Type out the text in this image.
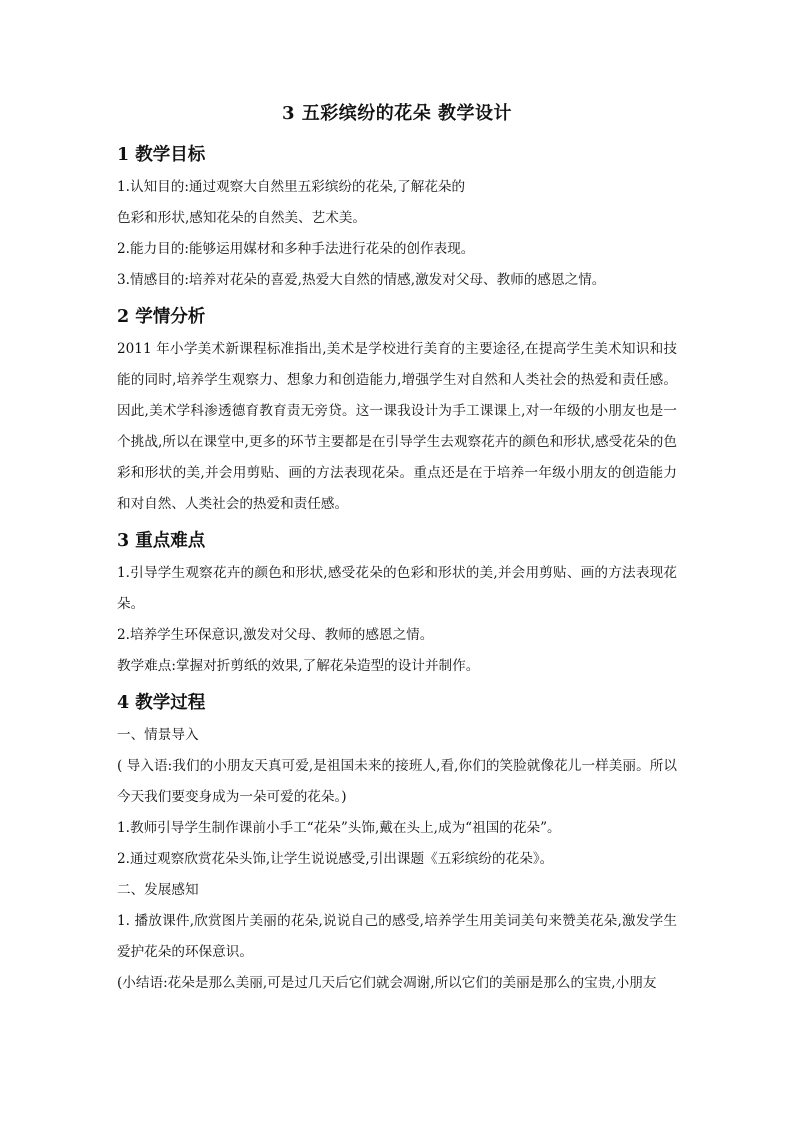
3 五彩缤纷的花朵 教学设计
1 教学目标

1.认知目的:通过观察大自然里五彩缤纷的花朵,了解花朵的

色彩和形状,感知花朵的自然美、艺术美。

2.能力目的:能够运用媒材和多种手法进行花朵的创作表现。

3.情感目的:培养对花朵的喜爱,热爱大自然的情感,激发对父母、教师的感恩之情。

2 学情分析

2011 年小学美术新课程标准指出,美术是学校进行美育的主要途径,在提高学生美术知识和技能的同时,培养学生观察力、想象力和创造能力,增强学生对自然和人类社会的热爱和责任感。因此,美术学科渗透德育教育责无旁贷。这一课我设计为手工课课上,对一年级的小朋友也是一个挑战,所以在课堂中,更多的环节主要都是在引导学生去观察花卉的颜色和形状,感受花朵的色彩和形状的美,并会用剪贴、画的方法表现花朵。重点还是在于培养一年级小朋友的创造能力和对自然、人类社会的热爱和责任感。

3 重点难点

1.引导学生观察花卉的颜色和形状,感受花朵的色彩和形状的美,并会用剪贴、画的方法表现花朵。

2.培养学生环保意识,激发对父母、教师的感恩之情。

教学难点:掌握对折剪纸的效果,了解花朵造型的设计并制作。

4 教学过程

一、情景导入

( 导入语:我们的小朋友天真可爱,是祖国未来的接班人,看,你们的笑脸就像花儿一样美丽。所以今天我们要变身成为一朵可爱的花朵。)

1.教师引导学生制作课前小手工“花朵”头饰,戴在头上,成为“祖国的花朵”。

2.通过观察欣赏花朵头饰,让学生说说感受,引出课题《五彩缤纷的花朵》。

二、发展感知

1. 播放课件,欣赏图片美丽的花朵,说说自己的感受,培养学生用美词美句来赞美花朵,激发学生爱护花朵的环保意识。

(小结语:花朵是那么美丽,可是过几天后它们就会凋谢,所以它们的美丽是那么的宝贵,小朋友
